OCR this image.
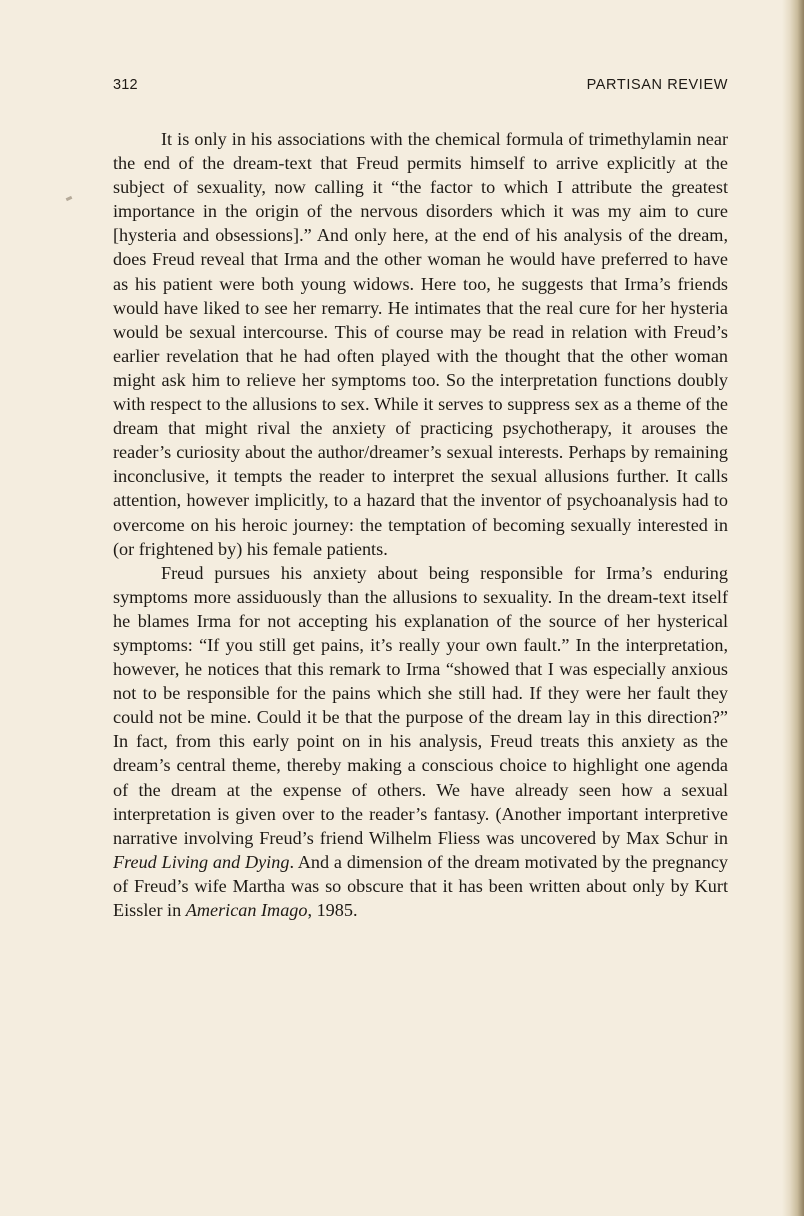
312	PARTISAN REVIEW

It is only in his associations with the chemical formula of trimethylamin near the end of the dream-text that Freud permits himself to arrive explicitly at the subject of sexuality, now calling it “the factor to which I attribute the greatest importance in the origin of the nervous disorders which it was my aim to cure [hysteria and obsessions].” And only here, at the end of his analysis of the dream, does Freud reveal that Irma and the other woman he would have preferred to have as his patient were both young widows. Here too, he suggests that Irma’s friends would have liked to see her remarry. He intimates that the real cure for her hysteria would be sexual intercourse. This of course may be read in relation with Freud’s earlier revelation that he had often played with the thought that the other woman might ask him to relieve her symptoms too. So the interpretation functions doubly with respect to the allusions to sex. While it serves to suppress sex as a theme of the dream that might rival the anxiety of practicing psychotherapy, it arouses the reader’s curiosity about the author/dreamer’s sexual interests. Perhaps by remaining inconclusive, it tempts the reader to interpret the sexual allusions further. It calls attention, however implicitly, to a hazard that the inventor of psychoanalysis had to overcome on his heroic journey: the temptation of becoming sexually interested in (or frightened by) his female patients.

Freud pursues his anxiety about being responsible for Irma’s enduring symptoms more assiduously than the allusions to sexuality. In the dream-text itself he blames Irma for not accepting his explanation of the source of her hysterical symptoms: “If you still get pains, it’s really your own fault.” In the interpretation, however, he notices that this remark to Irma “showed that I was especially anxious not to be responsible for the pains which she still had. If they were her fault they could not be mine. Could it be that the purpose of the dream lay in this direction?” In fact, from this early point on in his analysis, Freud treats this anxiety as the dream’s central theme, thereby making a conscious choice to highlight one agenda of the dream at the expense of others. We have already seen how a sexual interpretation is given over to the reader’s fantasy. (Another important interpretive narrative involving Freud’s friend Wilhelm Fliess was uncovered by Max Schur in Freud Living and Dying. And a dimension of the dream motivated by the pregnancy of Freud’s wife Martha was so obscure that it has been written about only by Kurt Eissler in American Imago, 1985.
